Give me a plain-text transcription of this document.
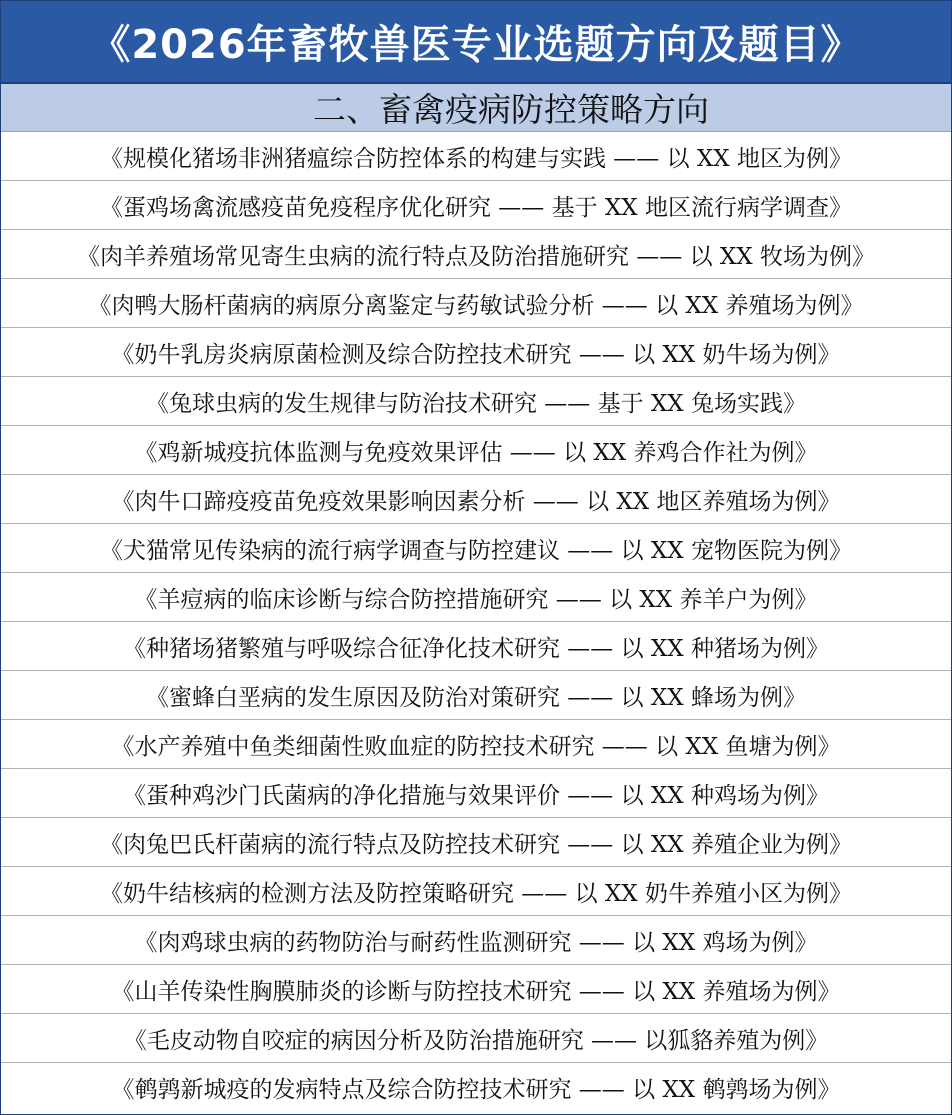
《2026年畜牧兽医专业选题方向及题目》
二、畜禽疫病防控策略方向
《规模化猪场非洲猪瘟综合防控体系的构建与实践 —— 以 XX 地区为例》
《蛋鸡场禽流感疫苗免疫程序优化研究 —— 基于 XX 地区流行病学调查》
《肉羊养殖场常见寄生虫病的流行特点及防治措施研究 —— 以 XX 牧场为例》
《肉鸭大肠杆菌病的病原分离鉴定与药敏试验分析 —— 以 XX 养殖场为例》
《奶牛乳房炎病原菌检测及综合防控技术研究 —— 以 XX 奶牛场为例》
《兔球虫病的发生规律与防治技术研究 —— 基于 XX 兔场实践》
《鸡新城疫抗体监测与免疫效果评估 —— 以 XX 养鸡合作社为例》
《肉牛口蹄疫疫苗免疫效果影响因素分析 —— 以 XX 地区养殖场为例》
《犬猫常见传染病的流行病学调查与防控建议 —— 以 XX 宠物医院为例》
《羊痘病的临床诊断与综合防控措施研究 —— 以 XX 养羊户为例》
《种猪场猪繁殖与呼吸综合征净化技术研究 —— 以 XX 种猪场为例》
《蜜蜂白垩病的发生原因及防治对策研究 —— 以 XX 蜂场为例》
《水产养殖中鱼类细菌性败血症的防控技术研究 —— 以 XX 鱼塘为例》
《蛋种鸡沙门氏菌病的净化措施与效果评价 —— 以 XX 种鸡场为例》
《肉兔巴氏杆菌病的流行特点及防控技术研究 —— 以 XX 养殖企业为例》
《奶牛结核病的检测方法及防控策略研究 —— 以 XX 奶牛养殖小区为例》
《肉鸡球虫病的药物防治与耐药性监测研究 —— 以 XX 鸡场为例》
《山羊传染性胸膜肺炎的诊断与防控技术研究 —— 以 XX 养殖场为例》
《毛皮动物自咬症的病因分析及防治措施研究 —— 以狐貉养殖为例》
《鹌鹑新城疫的发病特点及综合防控技术研究 —— 以 XX 鹌鹑场为例》
